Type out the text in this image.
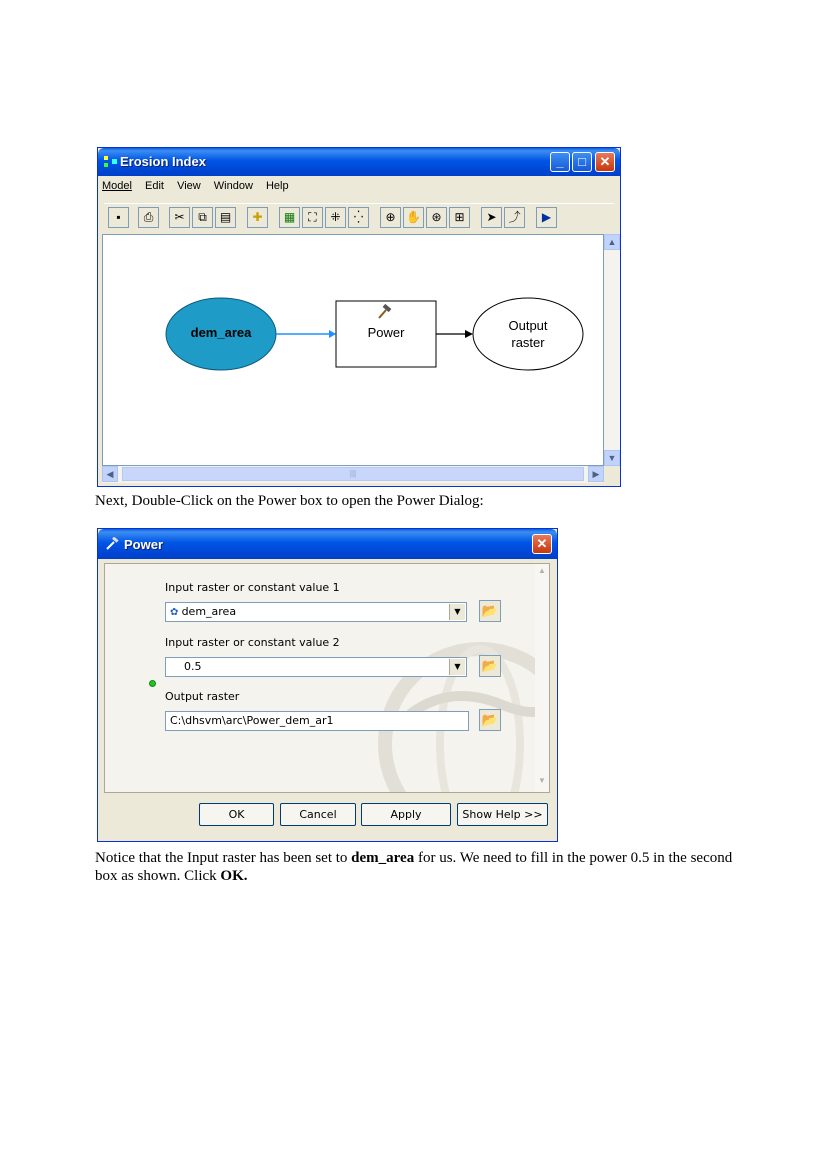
Erosion Index	_	□	✕
Model Edit View Window Help
▪	⎙	✂	⧉	▤	✚	▦	⛶	⁜	⁛	⊕ ✋ ⊛	⊞	➤ ⤴	▶
dem_area	Power	Output
raster
▲
▼
◀	|||	▶
Next, Double-Click on the Power box to open the Power Dialog:
Power	✕
Input raster or constant value 1
✿ dem_area	▼	📂
Input raster or constant value 2
0.5	▼	📂
Output raster
C:\dhsvm\arc\Power_dem_ar1	📂
▲
▼
OK	Cancel	Apply	Show Help >>
Notice that the Input raster has been set to dem_area for us. We need to fill in the power 0.5 in the second box as shown. Click OK.
